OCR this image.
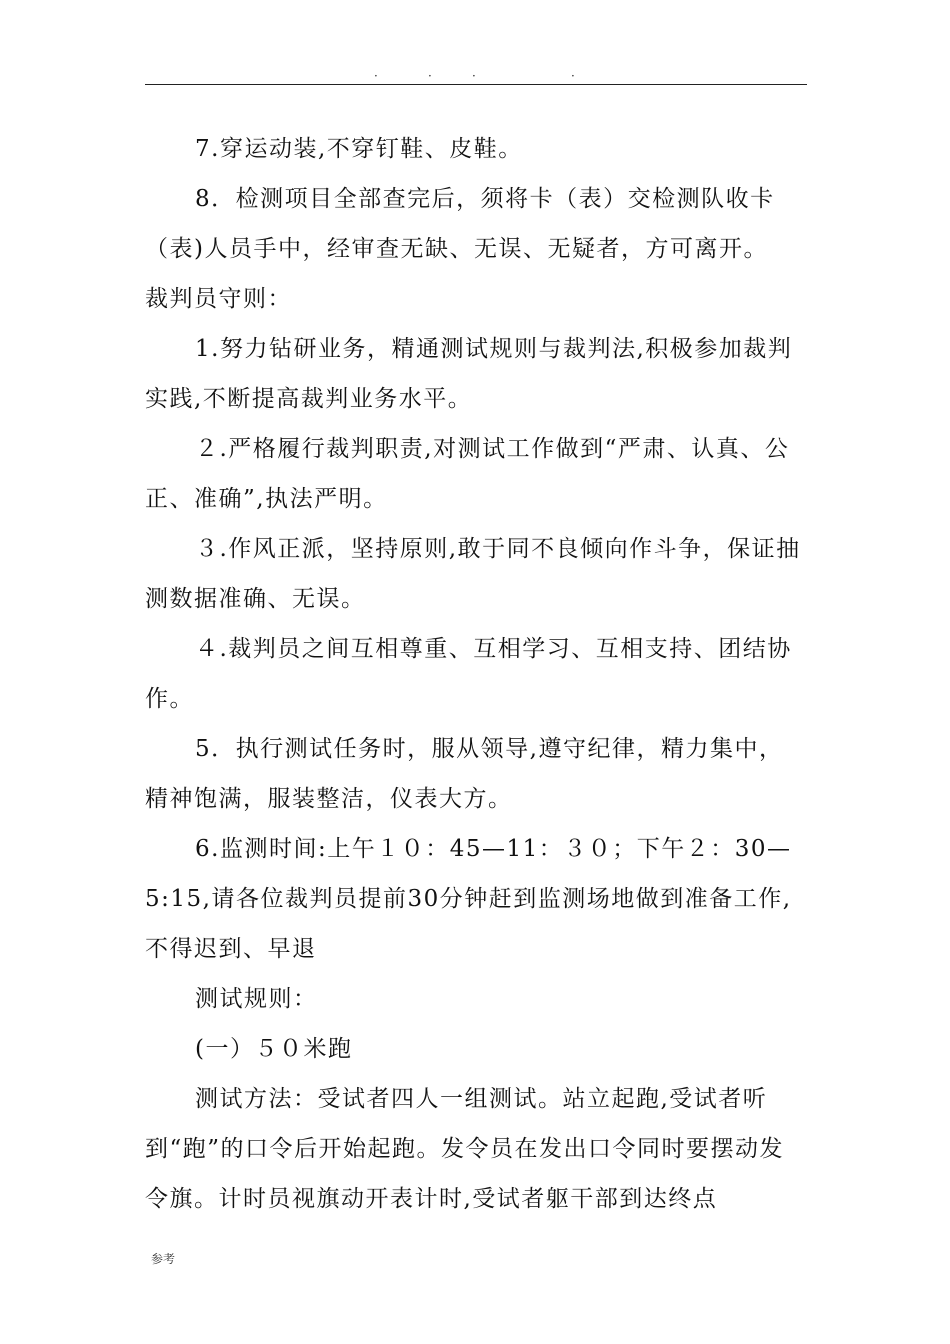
·	·	·	·

7.穿运动装,不穿钉鞋、皮鞋。

8．检测项目全部查完后，须将卡（表）交检测队收卡（表)人员手中，经审查无缺、无误、无疑者，方可离开。

裁判员守则：

1.努力钻研业务，精通测试规则与裁判法,积极参加裁判实践,不断提高裁判业务水平。

２.严格履行裁判职责,对测试工作做到“严肃、认真、公正、准确”,执法严明。

３.作风正派，坚持原则,敢于同不良倾向作斗争，保证抽测数据准确、无误。

４.裁判员之间互相尊重、互相学习、互相支持、团结协作。

5．执行测试任务时，服从领导,遵守纪律，精力集中，精神饱满，服装整洁，仪表大方。

6.监测时间:上午１０：45—11：３０；下午２：30—5:15,请各位裁判员提前30分钟赶到监测场地做到准备工作,不得迟到、早退

测试规则：

(一）５０米跑

测试方法：受试者四人一组测试。站立起跑,受试者听到“跑”的口令后开始起跑。发令员在发出口令同时要摆动发令旗。计时员视旗动开表计时,受试者躯干部到达终点

参考
